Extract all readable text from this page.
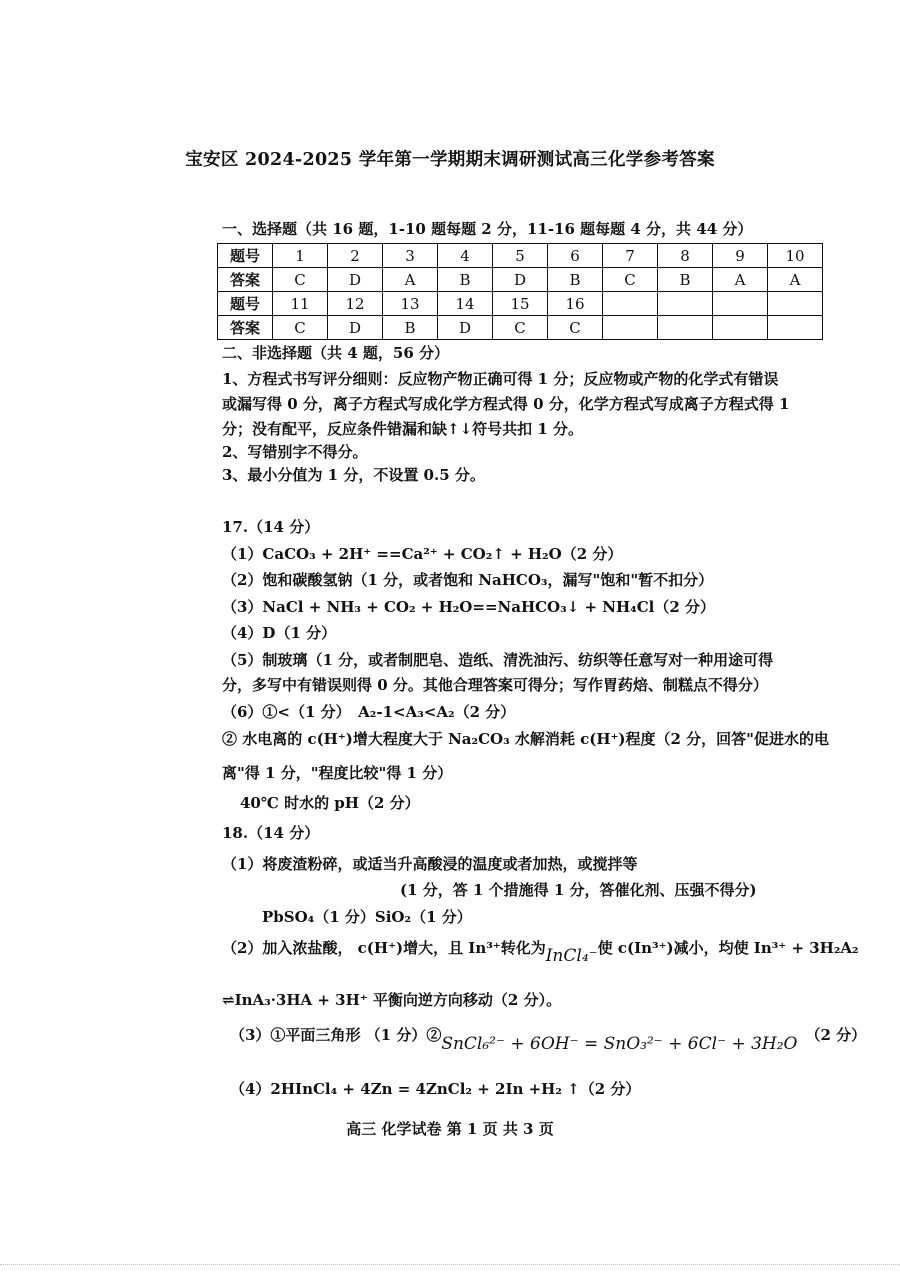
宝安区 2024-2025 学年第一学期期末调研测试高三化学参考答案
一、选择题（共 16 题，1-10 题每题 2 分，11-16 题每题 4 分，共 44 分）
题号	1	2	3	4	5	6	7	8	9	10
答案	C	D	A	B	D	B	C	B	A	A
题号	11	12	13	14	15	16				
答案	C	D	B	D	C	C				
二、非选择题（共 4 题，56 分）
1、方程式书写评分细则：反应物产物正确可得 1 分；反应物或产物的化学式有错误
或漏写得 0 分，离子方程式写成化学方程式得 0 分，化学方程式写成离子方程式得 1
分；没有配平，反应条件错漏和缺↑↓符号共扣 1 分。
2、写错别字不得分。
3、最小分值为 1 分，不设置 0.5 分。
17.（14 分）
（1）CaCO₃ + 2H⁺ ==Ca²⁺ + CO₂↑ + H₂O（2 分）
（2）饱和碳酸氢钠（1 分，或者饱和 NaHCO₃，漏写"饱和"暂不扣分）
（3）NaCl + NH₃ + CO₂ + H₂O==NaHCO₃↓ + NH₄Cl（2 分）
（4）D（1 分）
（5）制玻璃（1 分，或者制肥皂、造纸、清洗油污、纺织等任意写对一种用途可得
分，多写中有错误则得 0 分。其他合理答案可得分；写作胃药焙、制糕点不得分）
（6）①<（1 分）　A₂-1<A₃<A₂（2 分）
② 水电离的 c(H⁺)增大程度大于 Na₂CO₃ 水解消耗 c(H⁺)程度（2 分，回答"促进水的电
离"得 1 分，"程度比较"得 1 分）
40℃ 时水的 pH（2 分）
18.（14 分）
（1）将废渣粉碎，或适当升高酸浸的温度或者加热，或搅拌等
(1 分，答 1 个措施得 1 分，答催化剂、压强不得分)
PbSO₄（1 分）SiO₂（1 分）
（2）加入浓盐酸， c(H⁺)增大，且 In³⁺转化为InCl₄⁻使 c(In³⁺)减小，均使 In³⁺ + 3H₂A₂
⇌InA₃·3HA + 3H⁺ 平衡向逆方向移动（2 分）。
（3）①平面三角形 （1 分）②SnCl₆²⁻ + 6OH⁻ = SnO₃²⁻ + 6Cl⁻ + 3H₂O （2 分）
（4）2HInCl₄ + 4Zn = 4ZnCl₂ + 2In +H₂ ↑（2 分）
高三 化学试卷 第 1 页 共 3 页
